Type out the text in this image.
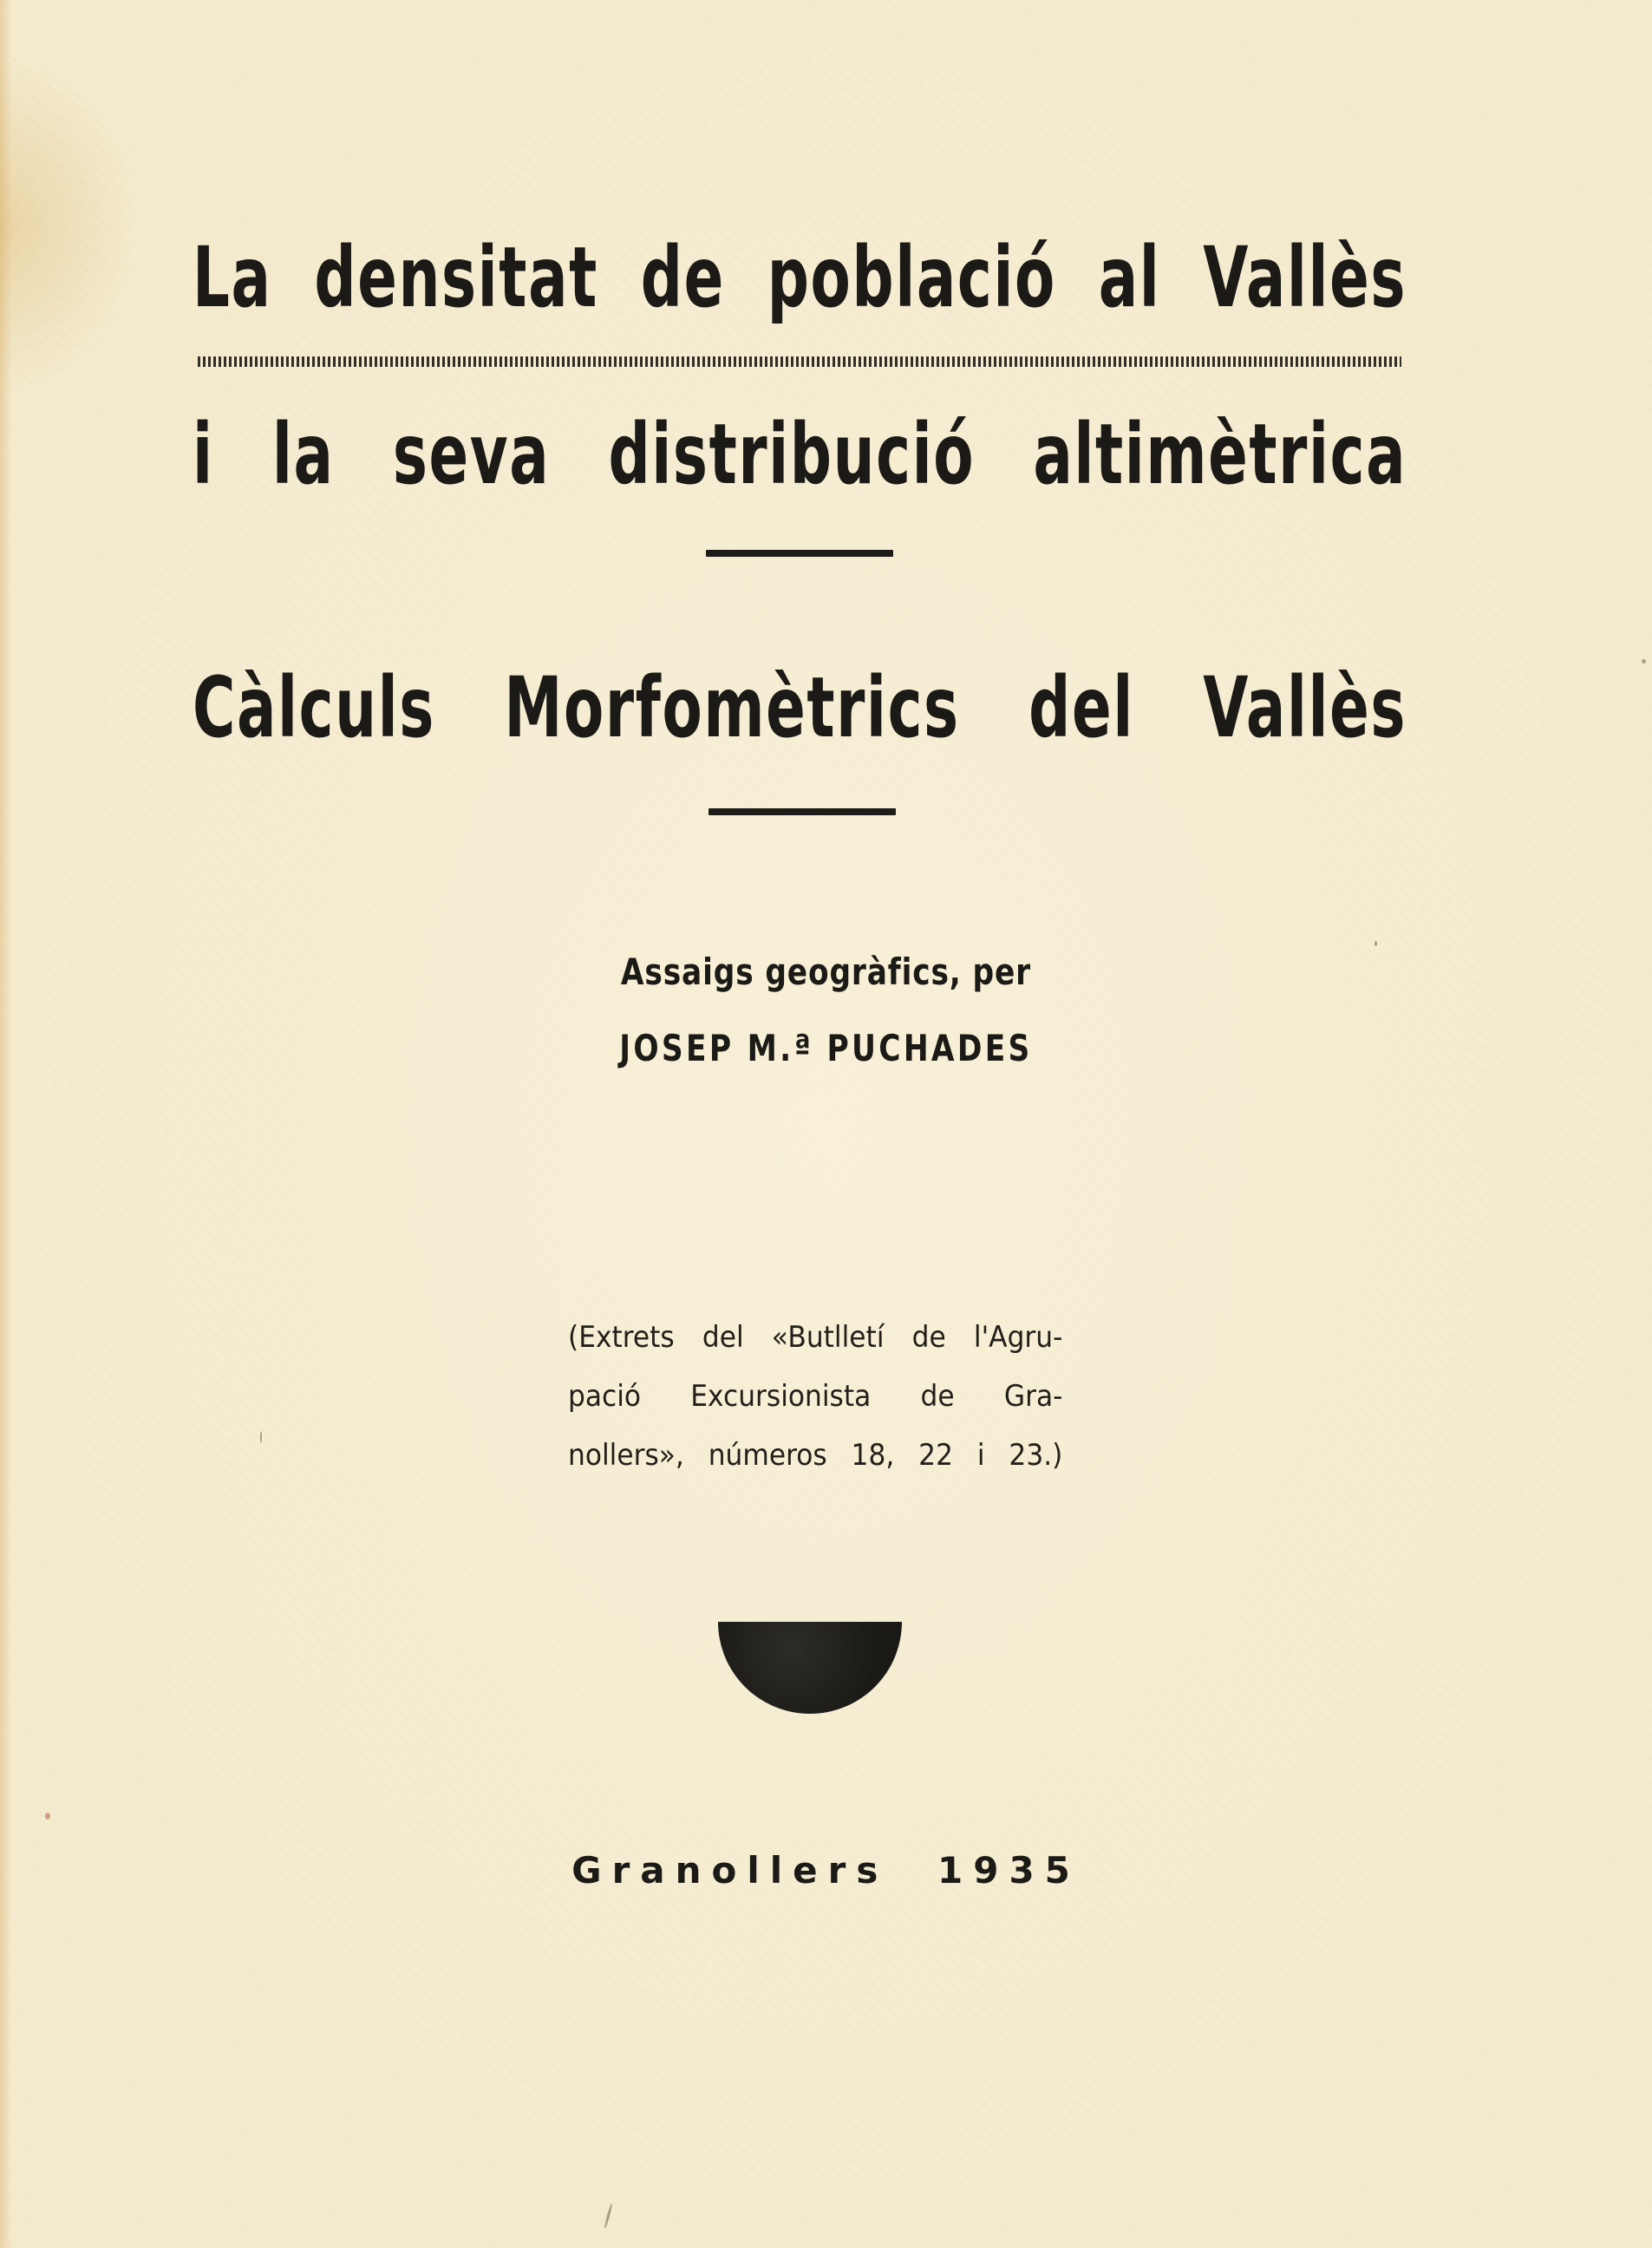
La densitat de població al Vallès
i la seva distribució altimètrica
Càlculs Morfomètrics del Vallès
Assaigs geogràfics, per
JOSEP M.ª PUCHADES
(Extrets del «Butlletí de l'Agru-
pació Excursionista de Gra-
nollers», números 18, 22 i 23.)
Granollers 1935
